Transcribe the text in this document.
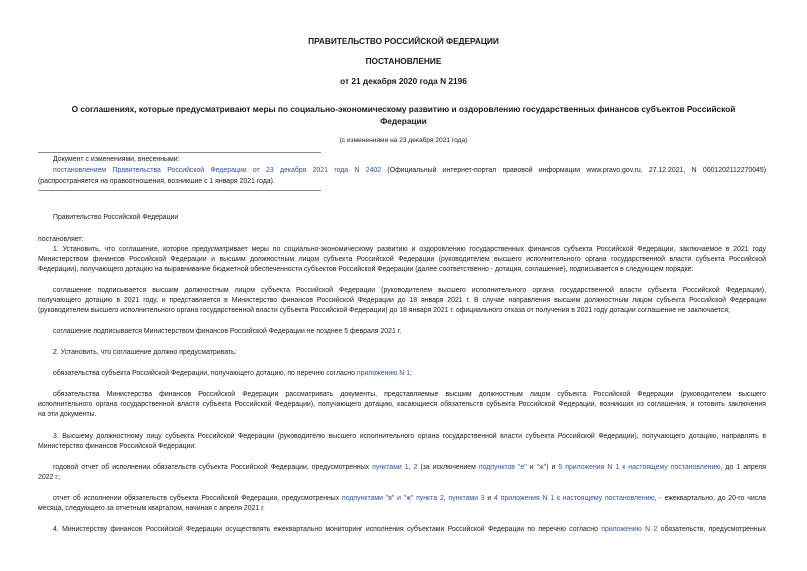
ПРАВИТЕЛЬСТВО РОССИЙСКОЙ ФЕДЕРАЦИИ
ПОСТАНОВЛЕНИЕ
от 21 декабря 2020 года N 2196
О соглашениях, которые предусматривают меры по социально-экономическому развитию и оздоровлению государственных финансов субъектов Российской
Федерации
(с изменениями на 23 декабря 2021 года)
Документ с изменениями, внесенными:
постановлением Правительства Российской Федерации от 23 декабря 2021 года N 2402 (Официальный интернет-портал правовой информации www.pravo.gov.ru, 27.12.2021, N 0001202112270045)
(распространяется на правоотношения, возникшие с 1 января 2021 года).
Правительство Российской Федерации
постановляет:
1. Установить, что соглашение, которое предусматривает меры по социально-экономическому развитию и оздоровлению государственных финансов субъекта Российской Федерации, заключаемое в 2021 году
Министерством финансов Российской Федерации и высшим должностным лицом субъекта Российской Федерации (руководителем высшего исполнительного органа государственной власти субъекта Российской
Федерации), получающего дотацию на выравнивание бюджетной обеспеченности субъектов Российской Федерации (далее соответственно - дотация, соглашение), подписывается в следующем порядке:
соглашение подписывается высшим должностным лицом субъекта Российской Федерации (руководителем высшего исполнительного органа государственной власти субъекта Российской Федерации),
получающего дотацию в 2021 году, и представляется в Министерство финансов Российской Федерации до 18 января 2021 г. В случае направления высшим должностным лицом субъекта Российской Федерации
(руководителем высшего исполнительного органа государственной власти субъекта Российской Федерации) до 18 января 2021 г. официального отказа от получения в 2021 году дотации соглашение не заключается;
соглашение подписывается Министерством финансов Российской Федерации не позднее 5 февраля 2021 г.
2. Установить, что соглашение должно предусматривать:
обязательства субъекта Российской Федерации, получающего дотацию, по перечню согласно приложению N 1;
обязательства Министерства финансов Российской Федерации рассматривать документы, представляемые высшим должностным лицом субъекта Российской Федерации (руководителем высшего
исполнительного органа государственной власти субъекта Российской Федерации), получающего дотацию, касающиеся обязательств субъекта Российской Федерации, возникших из соглашения, и готовить заключения
на эти документы.
3. Высшему должностному лицу субъекта Российской Федерации (руководителю высшего исполнительного органа государственной власти субъекта Российской Федерации), получающего дотацию, направлять в
Министерство финансов Российской Федерации:
годовой отчет об исполнении обязательств субъекта Российской Федерации, предусмотренных пунктами 1, 2 (за исключением подпунктов "е" и "ж") и 5 приложения N 1 к настоящему постановлению, до 1 апреля
2022 г.;
отчет об исполнении обязательств субъекта Российской Федерации, предусмотренных подпунктами "в" и "ж" пункта 2, пунктами 3 и 4 приложения N 1 к настоящему постановлению, - ежеквартально, до 20-го числа
месяца, следующего за отчетным кварталом, начиная с апреля 2021 г.
4. Министерству финансов Российской Федерации осуществлять ежеквартально мониторинг исполнения субъектами Российской Федерации по перечню согласно приложению N 2 обязательств, предусмотренных
